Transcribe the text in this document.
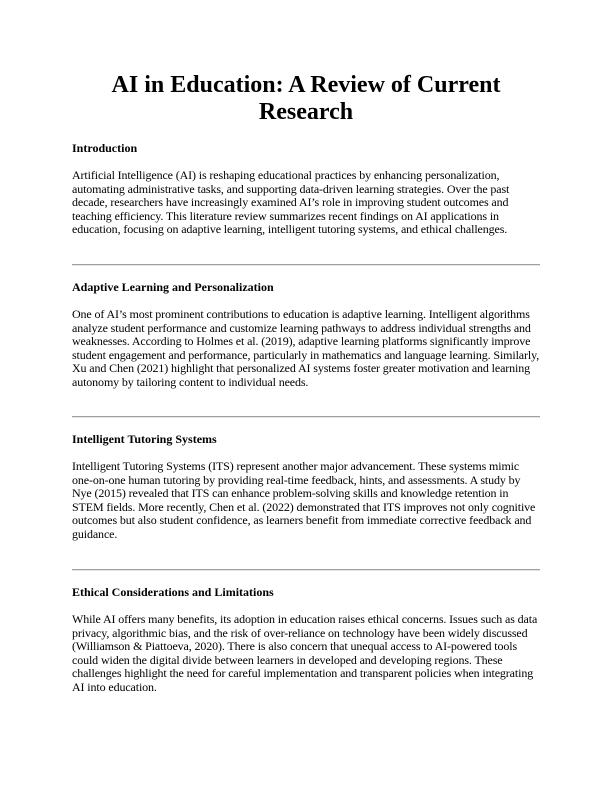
AI in Education: A Review of Current Research
Introduction

Artificial Intelligence (AI) is reshaping educational practices by enhancing personalization, automating administrative tasks, and supporting data-driven learning strategies. Over the past decade, researchers have increasingly examined AI’s role in improving student outcomes and teaching efficiency. This literature review summarizes recent findings on AI applications in education, focusing on adaptive learning, intelligent tutoring systems, and ethical challenges.

Adaptive Learning and Personalization

One of AI’s most prominent contributions to education is adaptive learning. Intelligent algorithms analyze student performance and customize learning pathways to address individual strengths and weaknesses. According to Holmes et al. (2019), adaptive learning platforms significantly improve student engagement and performance, particularly in mathematics and language learning. Similarly, Xu and Chen (2021) highlight that personalized AI systems foster greater motivation and learning autonomy by tailoring content to individual needs.

Intelligent Tutoring Systems

Intelligent Tutoring Systems (ITS) represent another major advancement. These systems mimic one-on-one human tutoring by providing real-time feedback, hints, and assessments. A study by Nye (2015) revealed that ITS can enhance problem-solving skills and knowledge retention in STEM fields. More recently, Chen et al. (2022) demonstrated that ITS improves not only cognitive outcomes but also student confidence, as learners benefit from immediate corrective feedback and guidance.

Ethical Considerations and Limitations

While AI offers many benefits, its adoption in education raises ethical concerns. Issues such as data privacy, algorithmic bias, and the risk of over-reliance on technology have been widely discussed (Williamson & Piattoeva, 2020). There is also concern that unequal access to AI-powered tools could widen the digital divide between learners in developed and developing regions. These challenges highlight the need for careful implementation and transparent policies when integrating AI into education.
